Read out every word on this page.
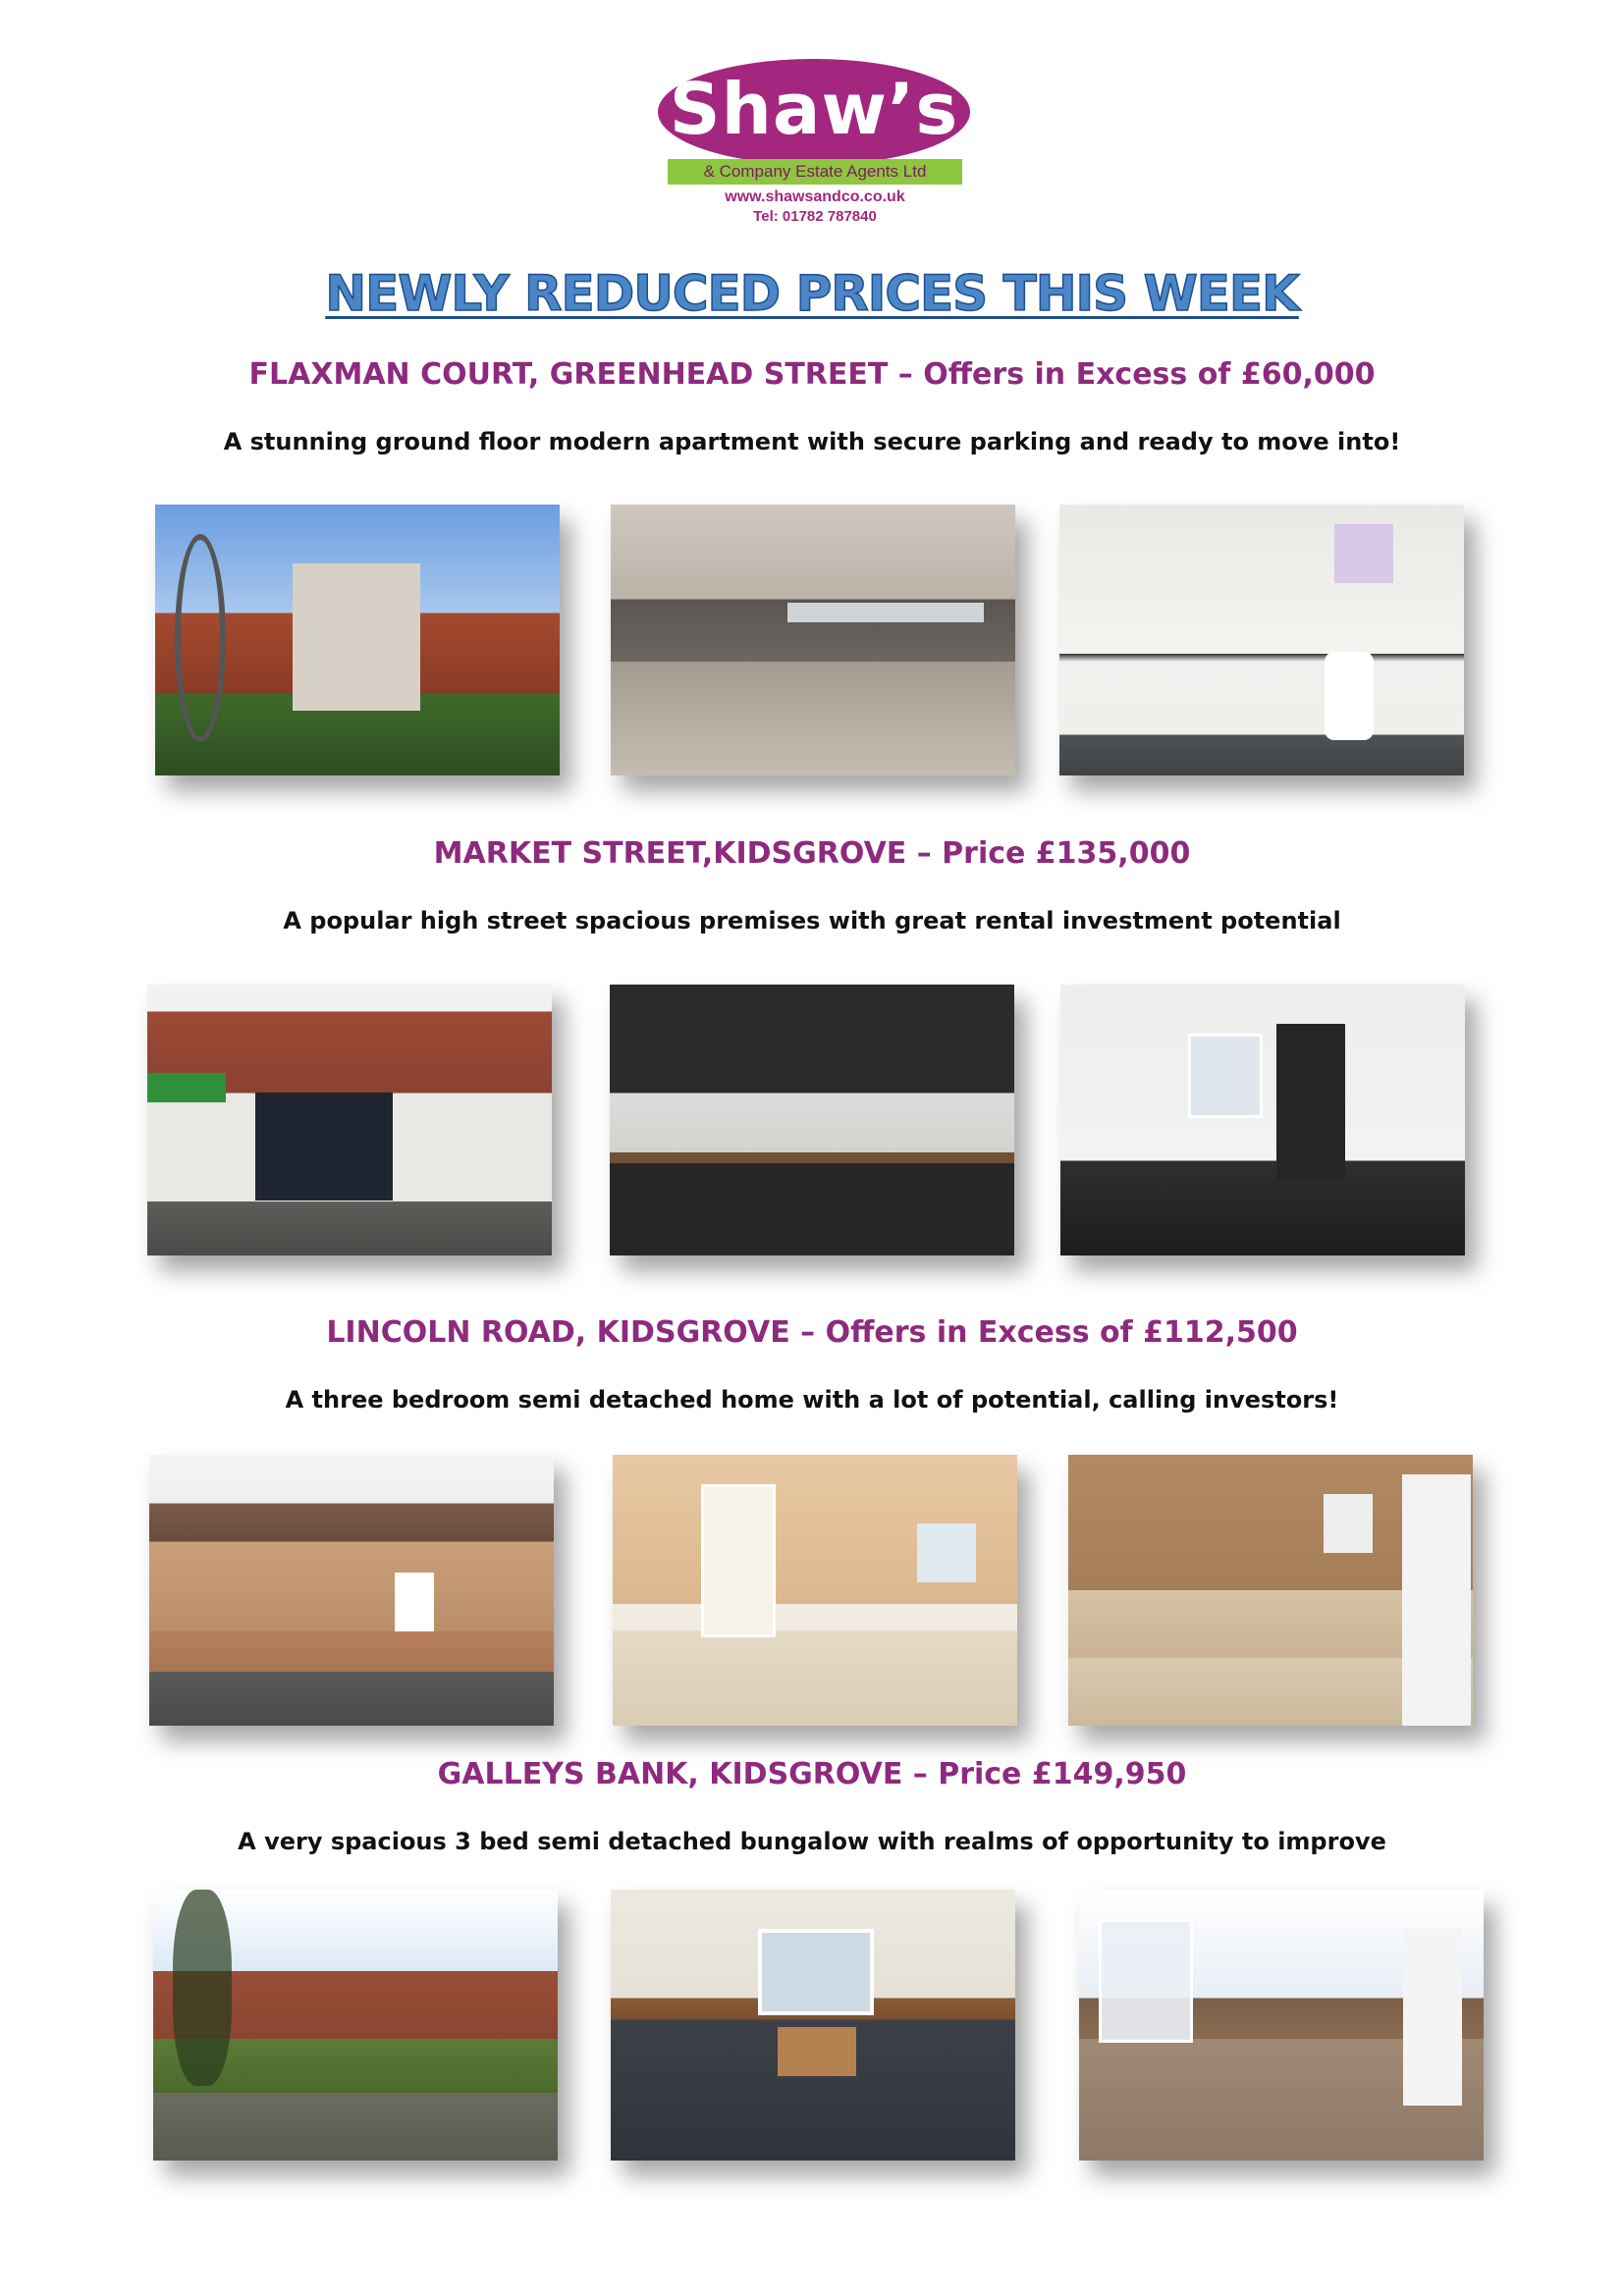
Shaw’s
& Company Estate Agents Ltd
www.shawsandco.co.uk
Tel: 01782 787840
NEWLY REDUCED PRICES THIS WEEK
FLAXMAN COURT, GREENHEAD STREET – Offers in Excess of £60,000
A stunning ground floor modern apartment with secure parking and ready to move into!
MARKET STREET,KIDSGROVE – Price £135,000
A popular high street spacious premises with great rental investment potential
LINCOLN ROAD, KIDSGROVE – Offers in Excess of £112,500
A three bedroom semi detached home with a lot of potential, calling investors!
GALLEYS BANK, KIDSGROVE – Price £149,950
A very spacious 3 bed semi detached bungalow with realms of opportunity to improve
